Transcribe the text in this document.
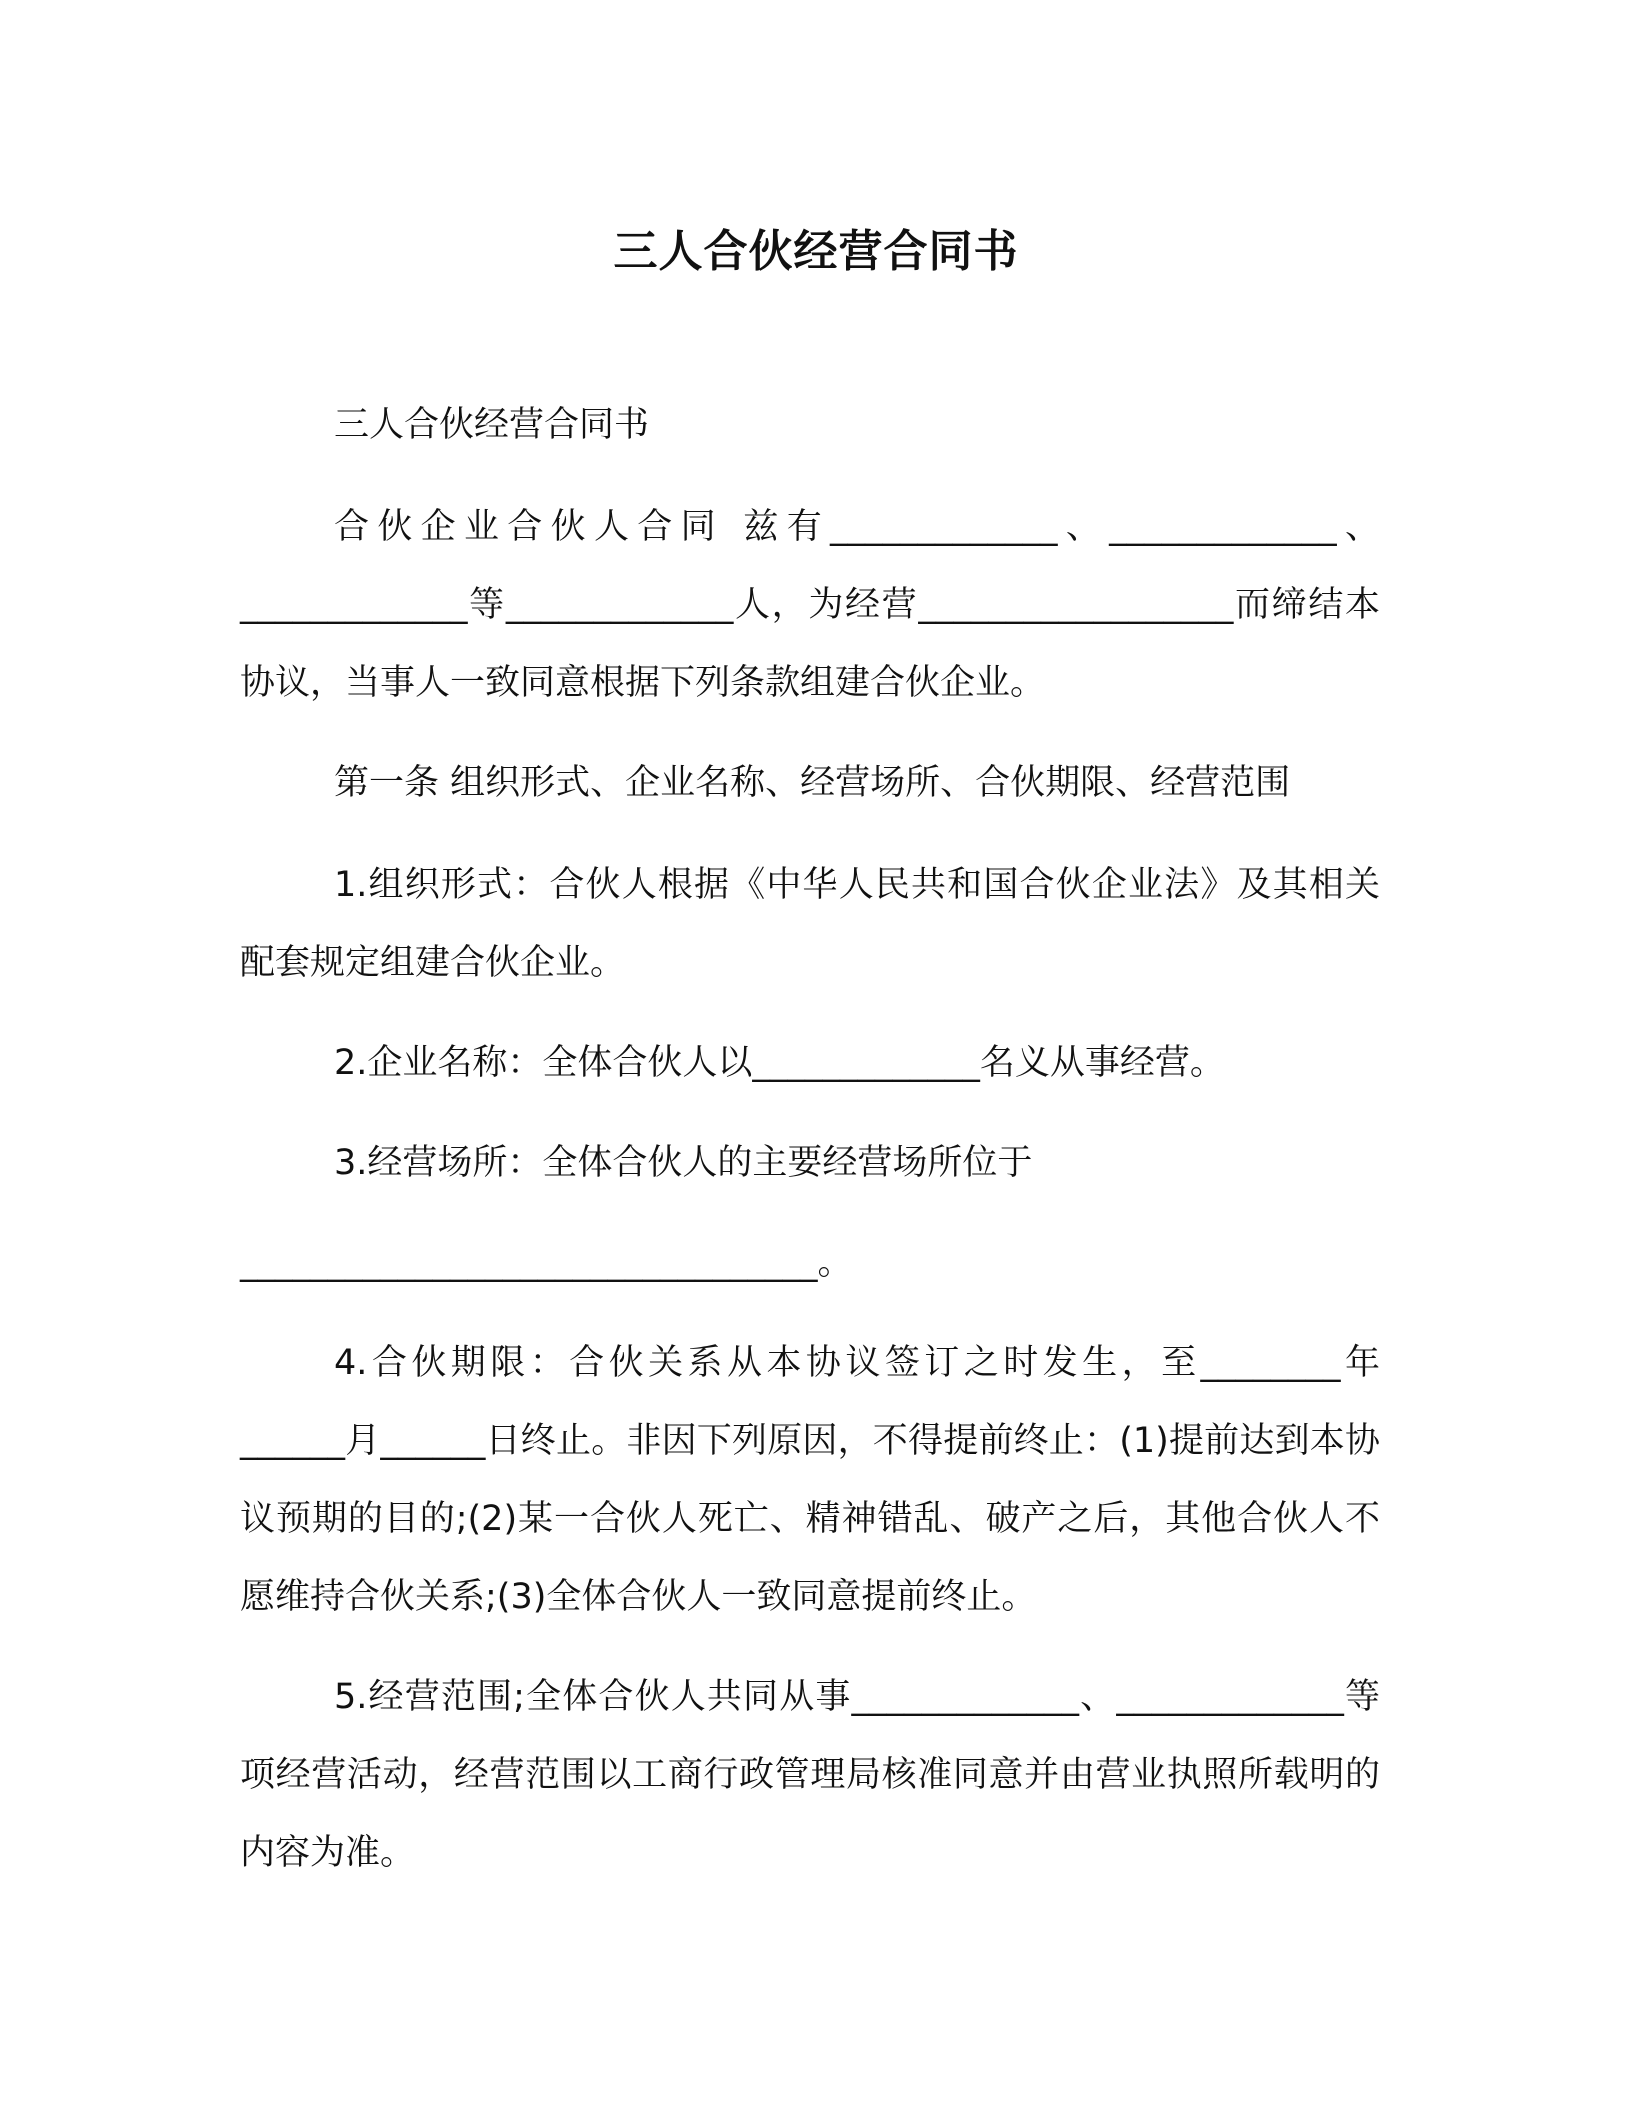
三人合伙经营合同书

三人合伙经营合同书

合伙企业合伙人合同 兹有_____________、_____________、_____________等_____________人，为经营__________________而缔结本协议，当事人一致同意根据下列条款组建合伙企业。

第一条 组织形式、企业名称、经营场所、合伙期限、经营范围

1.组织形式：合伙人根据《中华人民共和国合伙企业法》及其相关配套规定组建合伙企业。

2.企业名称：全体合伙人以_____________名义从事经营。

3.经营场所：全体合伙人的主要经营场所位于

_________________________________。

4.合伙期限：合伙关系从本协议签订之时发生，至________年______月______日终止。非因下列原因，不得提前终止：(1)提前达到本协议预期的目的;(2)某一合伙人死亡、精神错乱、破产之后，其他合伙人不愿维持合伙关系;(3)全体合伙人一致同意提前终止。

5.经营范围;全体合伙人共同从事_____________、_____________等项经营活动，经营范围以工商行政管理局核准同意并由营业执照所载明的内容为准。
